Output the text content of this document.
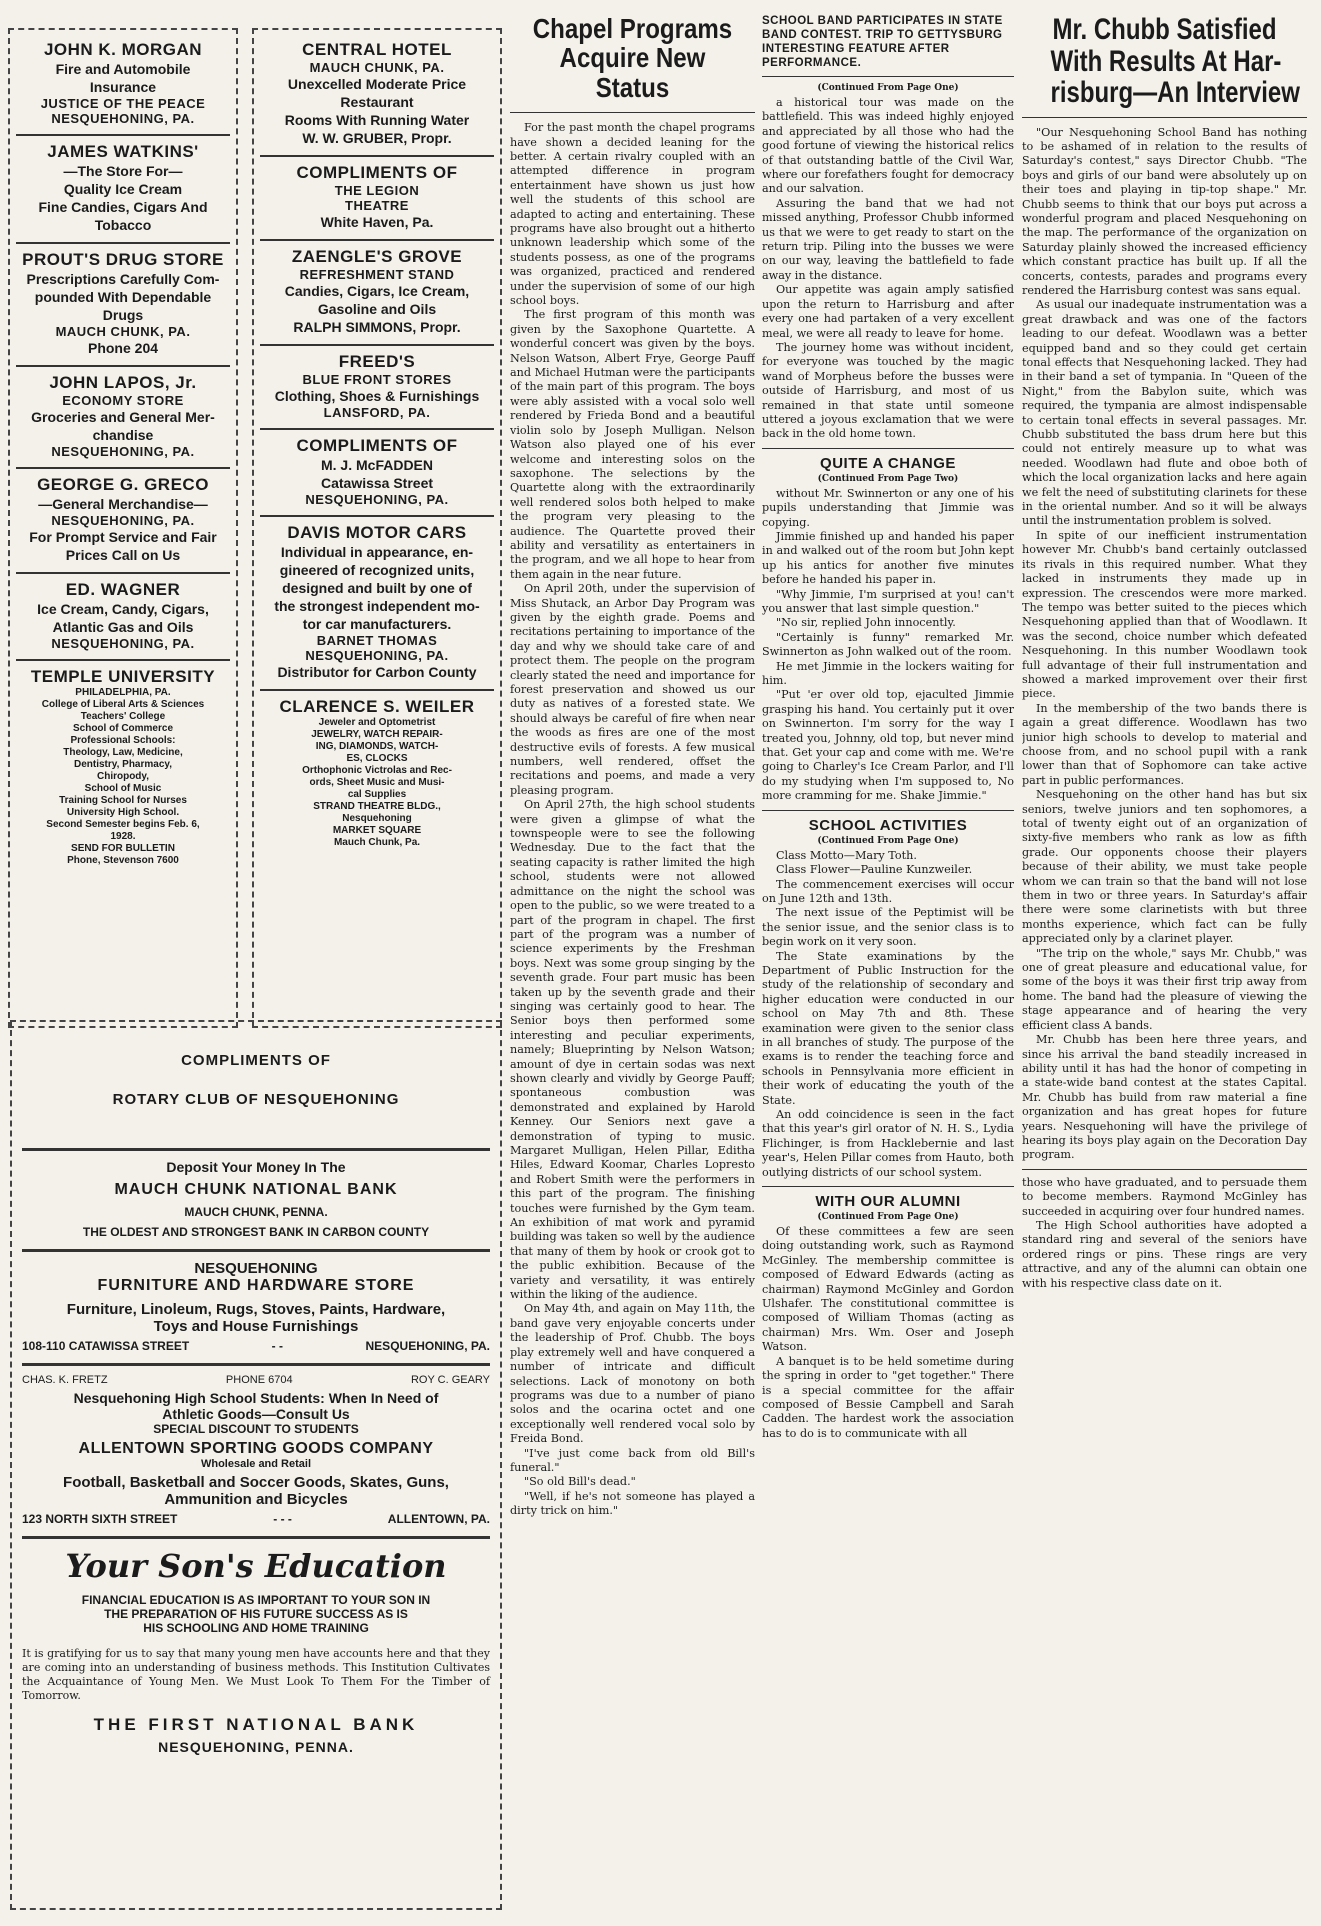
JOHN K. MORGAN
Fire and Automobile
Insurance
JUSTICE OF THE PEACE
NESQUEHONING, PA.
JAMES WATKINS'
—The Store For—
Quality Ice Cream
Fine Candies, Cigars And
Tobacco
PROUT'S DRUG STORE
Prescriptions Carefully Com-
pounded With Dependable
Drugs
MAUCH CHUNK, PA.
Phone 204
JOHN LAPOS, Jr.
ECONOMY STORE
Groceries and General Mer-
chandise
NESQUEHONING, PA.
GEORGE G. GRECO
—General Merchandise—
NESQUEHONING, PA.
For Prompt Service and Fair
Prices Call on Us
ED. WAGNER
Ice Cream, Candy, Cigars,
Atlantic Gas and Oils
NESQUEHONING, PA.
TEMPLE UNIVERSITY
PHILADELPHIA, PA.
College of Liberal Arts & Sciences
Teachers' College
School of Commerce
Professional Schools:
Theology, Law, Medicine,
Dentistry, Pharmacy,
Chiropody,
School of Music
Training School for Nurses
University High School.
Second Semester begins Feb. 6,
1928.
SEND FOR BULLETIN
Phone, Stevenson 7600
CENTRAL HOTEL
MAUCH CHUNK, PA.
Unexcelled Moderate Price
Restaurant
Rooms With Running Water
W. W. GRUBER, Propr.
COMPLIMENTS OF
THE LEGION
THEATRE
White Haven, Pa.
ZAENGLE'S GROVE
REFRESHMENT STAND
Candies, Cigars, Ice Cream,
Gasoline and Oils
RALPH SIMMONS, Propr.
FREED'S
BLUE FRONT STORES
Clothing, Shoes & Furnishings
LANSFORD, PA.
COMPLIMENTS OF
M. J. McFADDEN
Catawissa Street
NESQUEHONING, PA.
DAVIS MOTOR CARS
Individual in appearance, en-
gineered of recognized units,
designed and built by one of
the strongest independent mo-
tor car manufacturers.
BARNET THOMAS
NESQUEHONING, PA.
Distributor for Carbon County
CLARENCE S. WEILER
Jeweler and Optometrist
JEWELRY, WATCH REPAIR-
ING, DIAMONDS, WATCH-
ES, CLOCKS
Orthophonic Victrolas and Rec-
ords, Sheet Music and Musi-
cal Supplies
STRAND THEATRE BLDG.,
Nesquehoning
MARKET SQUARE
Mauch Chunk, Pa.
COMPLIMENTS OF
ROTARY CLUB OF NESQUEHONING
Deposit Your Money In The
MAUCH CHUNK NATIONAL BANK
MAUCH CHUNK, PENNA.
THE OLDEST AND STRONGEST BANK IN CARBON COUNTY
NESQUEHONING
FURNITURE AND HARDWARE STORE
Furniture, Linoleum, Rugs, Stoves, Paints, Hardware,
Toys and House Furnishings
108-110 CATAWISSA STREET	- -	NESQUEHONING, PA.
CHAS. K. FRETZ	PHONE 6704	ROY C. GEARY
Nesquehoning High School Students: When In Need of
Athletic Goods—Consult Us
SPECIAL DISCOUNT TO STUDENTS
ALLENTOWN SPORTING GOODS COMPANY
Wholesale and Retail
Football, Basketball and Soccer Goods, Skates, Guns,
Ammunition and Bicycles
123 NORTH SIXTH STREET	- - -	ALLENTOWN, PA.
Your Son's Education
FINANCIAL EDUCATION IS AS IMPORTANT TO YOUR SON IN
THE PREPARATION OF HIS FUTURE SUCCESS AS IS
HIS SCHOOLING AND HOME TRAINING
It is gratifying for us to say that many young men have accounts here and that they are coming into an understanding of business methods. This Institution Cultivates the Acquaintance of Young Men. We Must Look To Them For the Timber of Tomorrow.
THE FIRST NATIONAL BANK
NESQUEHONING, PENNA.
Chapel Programs
Acquire New Status

For the past month the chapel programs have shown a decided leaning for the better. A certain rivalry coupled with an attempted difference in program entertainment have shown us just how well the students of this school are adapted to acting and entertaining. These programs have also brought out a hitherto unknown leadership which some of the students possess, as one of the programs was organized, practiced and rendered under the supervision of some of our high school boys.

The first program of this month was given by the Saxophone Quartette. A wonderful concert was given by the boys. Nelson Watson, Albert Frye, George Pauff and Michael Hutman were the participants of the main part of this program. The boys were ably assisted with a vocal solo well rendered by Frieda Bond and a beautiful violin solo by Joseph Mulligan. Nelson Watson also played one of his ever welcome and interesting solos on the saxophone. The selections by the Quartette along with the extraordinarily well rendered solos both helped to make the program very pleasing to the audience. The Quartette proved their ability and versatility as entertainers in the program, and we all hope to hear from them again in the near future.

On April 20th, under the supervision of Miss Shutack, an Arbor Day Program was given by the eighth grade. Poems and recitations pertaining to importance of the day and why we should take care of and protect them. The people on the program clearly stated the need and importance for forest preservation and showed us our duty as natives of a forested state. We should always be careful of fire when near the woods as fires are one of the most destructive evils of forests. A few musical numbers, well rendered, offset the recitations and poems, and made a very pleasing program.

On April 27th, the high school students were given a glimpse of what the townspeople were to see the following Wednesday. Due to the fact that the seating capacity is rather limited the high school, students were not allowed admittance on the night the school was open to the public, so we were treated to a part of the program in chapel. The first part of the program was a number of science experiments by the Freshman boys. Next was some group singing by the seventh grade. Four part music has been taken up by the seventh grade and their singing was certainly good to hear. The Senior boys then performed some interesting and peculiar experiments, namely; Blueprinting by Nelson Watson; amount of dye in certain sodas was next shown clearly and vividly by George Pauff; spontaneous combustion was demonstrated and explained by Harold Kenney. Our Seniors next gave a demonstration of typing to music. Margaret Mulligan, Helen Pillar, Editha Hiles, Edward Koomar, Charles Lopresto and Robert Smith were the performers in this part of the program. The finishing touches were furnished by the Gym team. An exhibition of mat work and pyramid building was taken so well by the audience that many of them by hook or crook got to the public exhibition. Because of the variety and versatility, it was entirely within the liking of the audience.

On May 4th, and again on May 11th, the band gave very enjoyable concerts under the leadership of Prof. Chubb. The boys play extremely well and have conquered a number of intricate and difficult selections. Lack of monotony on both programs was due to a number of piano solos and the ocarina octet and one exceptionally well rendered vocal solo by Freida Bond.

"I've just come back from old Bill's funeral."

"So old Bill's dead."

"Well, if he's not someone has played a dirty trick on him."

SCHOOL BAND PARTICIPATES IN STATE BAND CONTEST. TRIP TO GETTYSBURG INTERESTING FEATURE AFTER PERFORMANCE.
(Continued From Page One)

a historical tour was made on the battlefield. This was indeed highly enjoyed and appreciated by all those who had the good fortune of viewing the historical relics of that outstanding battle of the Civil War, where our forefathers fought for democracy and our salvation.

Assuring the band that we had not missed anything, Professor Chubb informed us that we were to get ready to start on the return trip. Piling into the busses we were on our way, leaving the battlefield to fade away in the distance.

Our appetite was again amply satisfied upon the return to Harrisburg and after every one had partaken of a very excellent meal, we were all ready to leave for home.

The journey home was without incident, for everyone was touched by the magic wand of Morpheus before the busses were outside of Harrisburg, and most of us remained in that state until someone uttered a joyous exclamation that we were back in the old home town.

QUITE A CHANGE
(Continued From Page Two)

without Mr. Swinnerton or any one of his pupils understanding that Jimmie was copying.

Jimmie finished up and handed his paper in and walked out of the room but John kept up his antics for another five minutes before he handed his paper in.

"Why Jimmie, I'm surprised at you! can't you answer that last simple question."

"No sir, replied John innocently.

"Certainly is funny" remarked Mr. Swinnerton as John walked out of the room.

He met Jimmie in the lockers waiting for him.

"Put 'er over old top, ejaculted Jimmie grasping his hand. You certainly put it over on Swinnerton. I'm sorry for the way I treated you, Johnny, old top, but never mind that. Get your cap and come with me. We're going to Charley's Ice Cream Parlor, and I'll do my studying when I'm supposed to, No more cramming for me. Shake Jimmie."

SCHOOL ACTIVITIES
(Continued From Page One)

Class Motto—Mary Toth.

Class Flower—Pauline Kunzweiler.

The commencement exercises will occur on June 12th and 13th.

The next issue of the Peptimist will be the senior issue, and the senior class is to begin work on it very soon.

The State examinations by the Department of Public Instruction for the study of the relationship of secondary and higher education were conducted in our school on May 7th and 8th. These examination were given to the senior class in all branches of study. The purpose of the exams is to render the teaching force and schools in Pennsylvania more efficient in their work of educating the youth of the State.

An odd coincidence is seen in the fact that this year's girl orator of N. H. S., Lydia Flichinger, is from Hacklebernie and last year's, Helen Pillar comes from Hauto, both outlying districts of our school system.

WITH OUR ALUMNI
(Continued From Page One)

Of these committees a few are seen doing outstanding work, such as Raymond McGinley. The membership committee is composed of Edward Edwards (acting as chairman) Raymond McGinley and Gordon Ulshafer. The constitutional committee is composed of William Thomas (acting as chairman) Mrs. Wm. Oser and Joseph Watson.

A banquet is to be held sometime during the spring in order to "get together." There is a special committee for the affair composed of Bessie Campbell and Sarah Cadden. The hardest work the association has to do is to communicate with all

Mr. Chubb Satisfied
With Results At Har-
risburg—An Interview

"Our Nesquehoning School Band has nothing to be ashamed of in relation to the results of Saturday's contest," says Director Chubb. "The boys and girls of our band were absolutely up on their toes and playing in tip-top shape." Mr. Chubb seems to think that our boys put across a wonderful program and placed Nesquehoning on the map. The performance of the organization on Saturday plainly showed the increased efficiency which constant practice has built up. If all the concerts, contests, parades and programs every rendered the Harrisburg contest was sans equal.

As usual our inadequate instrumentation was a great drawback and was one of the factors leading to our defeat. Woodlawn was a better equipped band and so they could get certain tonal effects that Nesquehoning lacked. They had in their band a set of tympania. In "Queen of the Night," from the Babylon suite, which was required, the tympania are almost indispensable to certain tonal effects in several passages. Mr. Chubb substituted the bass drum here but this could not entirely measure up to what was needed. Woodlawn had flute and oboe both of which the local organization lacks and here again we felt the need of substituting clarinets for these in the oriental number. And so it will be always until the instrumentation problem is solved.

In spite of our inefficient instrumentation however Mr. Chubb's band certainly outclassed its rivals in this required number. What they lacked in instruments they made up in expression. The crescendos were more marked. The tempo was better suited to the pieces which Nesquehoning applied than that of Woodlawn. It was the second, choice number which defeated Nesquehoning. In this number Woodlawn took full advantage of their full instrumentation and showed a marked improvement over their first piece.

In the membership of the two bands there is again a great difference. Woodlawn has two junior high schools to develop to material and choose from, and no school pupil with a rank lower than that of Sophomore can take active part in public performances.

Nesquehoning on the other hand has but six seniors, twelve juniors and ten sophomores, a total of twenty eight out of an organization of sixty-five members who rank as low as fifth grade. Our opponents choose their players because of their ability, we must take people whom we can train so that the band will not lose them in two or three years. In Saturday's affair there were some clarinetists with but three months experience, which fact can be fully appreciated only by a clarinet player.

"The trip on the whole," says Mr. Chubb," was one of great pleasure and educational value, for some of the boys it was their first trip away from home. The band had the pleasure of viewing the stage appearance and of hearing the very efficient class A bands.

Mr. Chubb has been here three years, and since his arrival the band steadily increased in ability until it has had the honor of competing in a state-wide band contest at the states Capital. Mr. Chubb has build from raw material a fine organization and has great hopes for future years. Nesquehoning will have the privilege of hearing its boys play again on the Decoration Day program.

those who have graduated, and to persuade them to become members. Raymond McGinley has succeeded in acquiring over four hundred names.

The High School authorities have adopted a standard ring and several of the seniors have ordered rings or pins. These rings are very attractive, and any of the alumni can obtain one with his respective class date on it.
